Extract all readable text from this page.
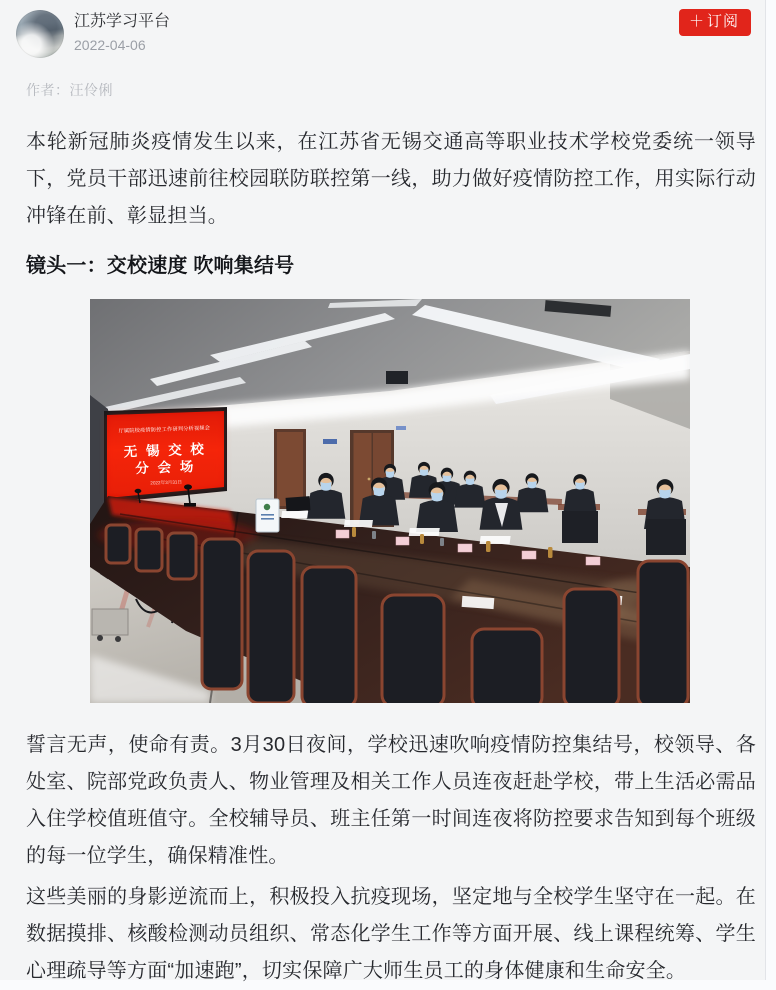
江苏学习平台
2022-04-06
＋ 订阅
作者：汪伶俐

本轮新冠肺炎疫情发生以来，在江苏省无锡交通高等职业技术学校党委统一领导下，党员干部迅速前往校园联防联控第一线，助力做好疫情防控工作，用实际行动冲锋在前、彰显担当。

镜头一：交校速度 吹响集结号
厅属院校疫情防控工作研判分析视频会
无 锡 交 校
分 会 场
2022年3月31日

誓言无声，使命有责。3月30日夜间，学校迅速吹响疫情防控集结号，校领导、各处室、院部党政负责人、物业管理及相关工作人员连夜赶赴学校，带上生活必需品入住学校值班值守。全校辅导员、班主任第一时间连夜将防控要求告知到每个班级的每一位学生，确保精准性。

这些美丽的身影逆流而上，积极投入抗疫现场，坚定地与全校学生坚守在一起。在数据摸排、核酸检测动员组织、常态化学生工作等方面开展、线上课程统筹、学生心理疏导等方面“加速跑”，切实保障广大师生员工的身体健康和生命安全。
